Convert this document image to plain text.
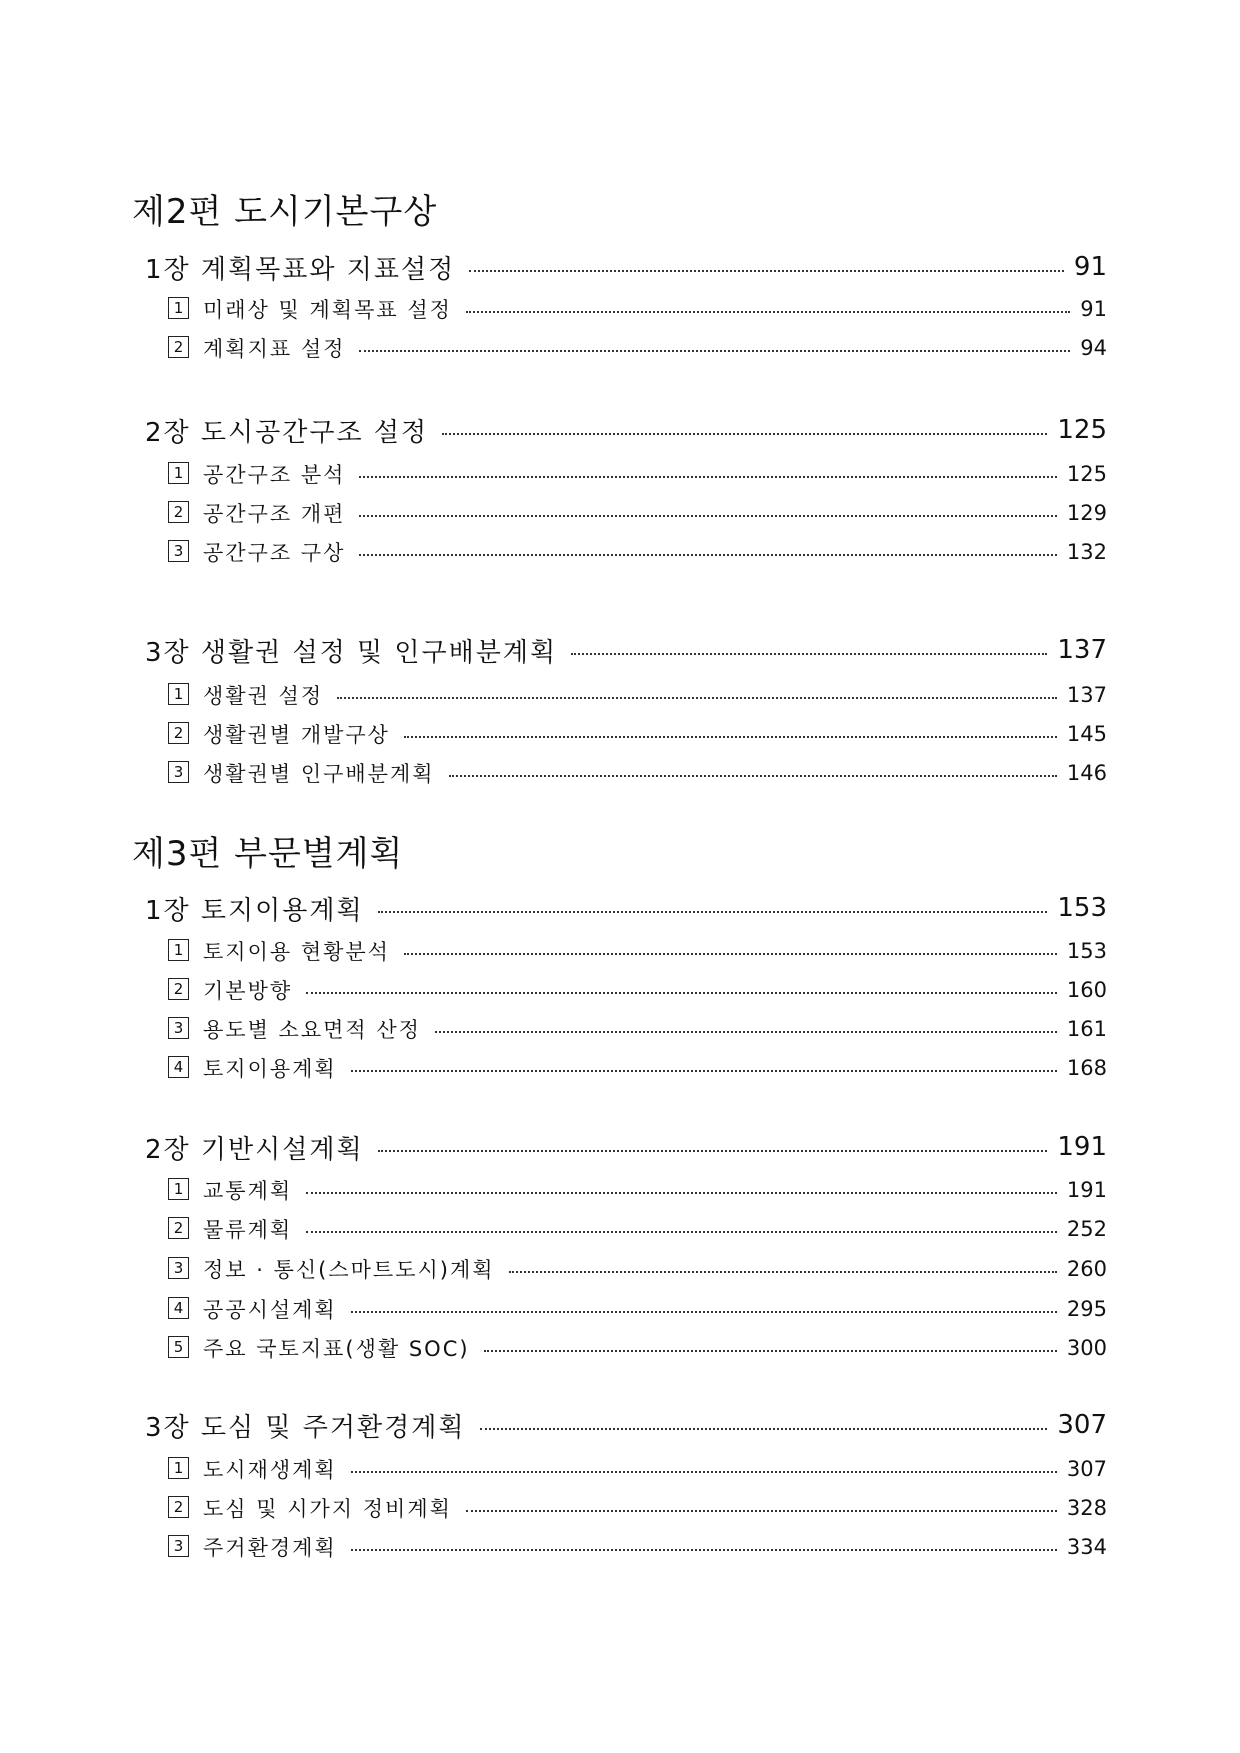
제2편 도시기본구상
1장 계획목표와 지표설정	91
1 미래상 및 계획목표 설정	91
2 계획지표 설정	94
2장 도시공간구조 설정	125
1 공간구조 분석	125
2 공간구조 개편	129
3 공간구조 구상	132
3장 생활권 설정 및 인구배분계획	137
1 생활권 설정	137
2 생활권별 개발구상	145
3 생활권별 인구배분계획	146
제3편 부문별계획
1장 토지이용계획	153
1 토지이용 현황분석	153
2 기본방향	160
3 용도별 소요면적 산정	161
4 토지이용계획	168
2장 기반시설계획	191
1 교통계획	191
2 물류계획	252
3 정보 · 통신(스마트도시)계획	260
4 공공시설계획	295
5 주요 국토지표(생활 SOC)	300
3장 도심 및 주거환경계획	307
1 도시재생계획	307
2 도심 및 시가지 정비계획	328
3 주거환경계획	334
